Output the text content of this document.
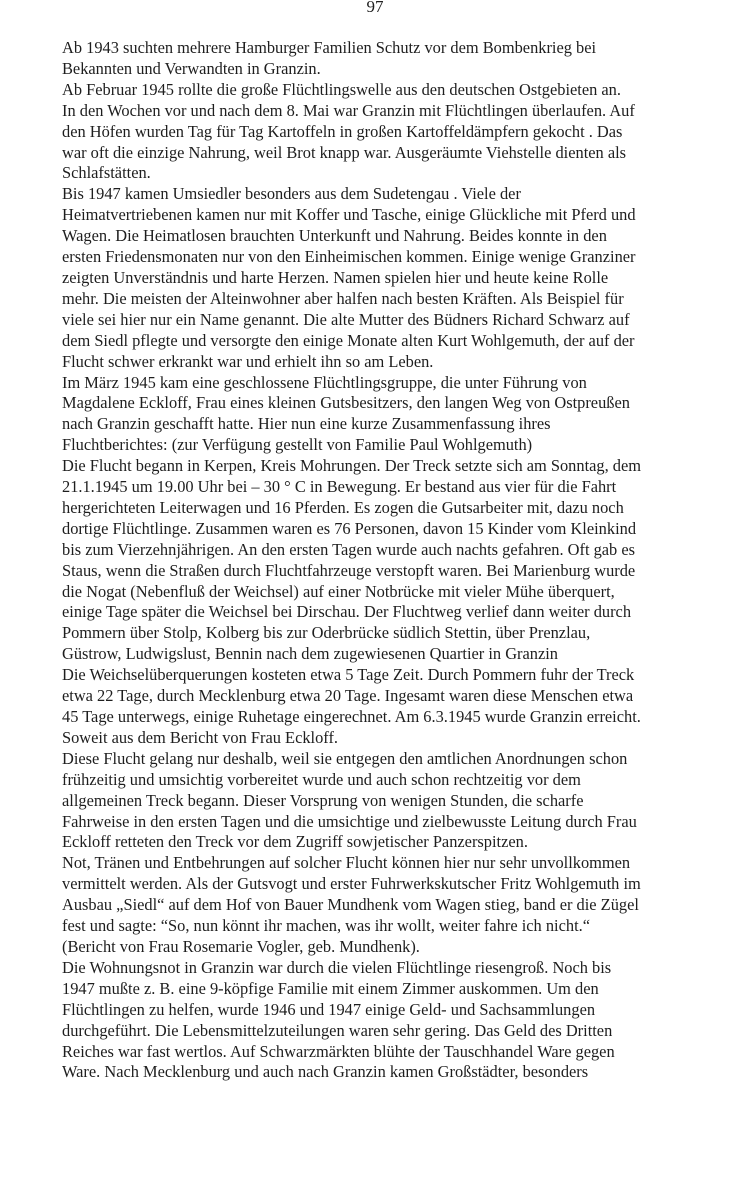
97
Ab 1943 suchten mehrere Hamburger Familien Schutz vor dem Bombenkrieg bei
Bekannten und Verwandten in Granzin.
Ab Februar 1945 rollte die große Flüchtlingswelle aus den deutschen Ostgebieten an.
In den Wochen vor und nach dem 8. Mai war Granzin mit Flüchtlingen überlaufen. Auf
den Höfen wurden Tag für Tag Kartoffeln in großen Kartoffeldämpfern gekocht . Das
war oft die einzige Nahrung, weil Brot knapp war. Ausgeräumte Viehstelle dienten als
Schlafstätten.
Bis 1947 kamen Umsiedler besonders aus dem Sudetengau . Viele der
Heimatvertriebenen kamen nur mit Koffer und Tasche, einige Glückliche mit Pferd und
Wagen. Die Heimatlosen brauchten Unterkunft und Nahrung. Beides konnte in den
ersten Friedensmonaten nur von den Einheimischen kommen. Einige wenige Granziner
zeigten Unverständnis und harte Herzen. Namen spielen hier und heute keine Rolle
mehr. Die meisten der Alteinwohner aber halfen nach besten Kräften. Als Beispiel für
viele sei hier nur ein Name genannt. Die alte Mutter des Büdners Richard Schwarz auf
dem Siedl pflegte und versorgte den einige Monate alten Kurt Wohlgemuth, der auf der
Flucht schwer erkrankt war und erhielt ihn so am Leben.
Im März 1945 kam eine geschlossene Flüchtlingsgruppe, die unter Führung von
Magdalene Eckloff, Frau eines kleinen Gutsbesitzers, den langen Weg von Ostpreußen
nach Granzin geschafft hatte. Hier nun eine kurze Zusammenfassung ihres
Fluchtberichtes: (zur Verfügung gestellt von Familie Paul Wohlgemuth)
Die Flucht begann in Kerpen, Kreis Mohrungen. Der Treck setzte sich am Sonntag, dem
21.1.1945 um 19.00 Uhr bei – 30 ° C in Bewegung. Er bestand aus vier für die Fahrt
hergerichteten Leiterwagen und 16 Pferden. Es zogen die Gutsarbeiter mit, dazu noch
dortige Flüchtlinge. Zusammen waren es 76 Personen, davon 15 Kinder vom Kleinkind
bis zum Vierzehnjährigen. An den ersten Tagen wurde auch nachts gefahren. Oft gab es
Staus, wenn die Straßen durch Fluchtfahrzeuge verstopft waren. Bei Marienburg wurde
die Nogat (Nebenfluß der Weichsel) auf einer Notbrücke mit vieler Mühe überquert,
einige Tage später die Weichsel bei Dirschau. Der Fluchtweg verlief dann weiter durch
Pommern über Stolp, Kolberg bis zur Oderbrücke südlich Stettin, über Prenzlau,
Güstrow, Ludwigslust, Bennin nach dem zugewiesenen Quartier in Granzin
Die Weichselüberquerungen kosteten etwa 5 Tage Zeit. Durch Pommern fuhr der Treck
etwa 22 Tage, durch Mecklenburg etwa 20 Tage. Ingesamt waren diese Menschen etwa
45 Tage unterwegs, einige Ruhetage eingerechnet. Am 6.3.1945 wurde Granzin erreicht.
Soweit aus dem Bericht von Frau Eckloff.
Diese Flucht gelang nur deshalb, weil sie entgegen den amtlichen Anordnungen schon
frühzeitig und umsichtig vorbereitet wurde und auch schon rechtzeitig vor dem
allgemeinen Treck begann. Dieser Vorsprung von wenigen Stunden, die scharfe
Fahrweise in den ersten Tagen und die umsichtige und zielbewusste Leitung durch Frau
Eckloff retteten den Treck vor dem Zugriff sowjetischer Panzerspitzen.
Not, Tränen und Entbehrungen auf solcher Flucht können hier nur sehr unvollkommen
vermittelt werden. Als der Gutsvogt und erster Fuhrwerkskutscher Fritz Wohlgemuth im
Ausbau „Siedl“ auf dem Hof von Bauer Mundhenk vom Wagen stieg, band er die Zügel
fest und sagte: “So, nun könnt ihr machen, was ihr wollt, weiter fahre ich nicht.“
(Bericht von Frau Rosemarie Vogler, geb. Mundhenk).
Die Wohnungsnot in Granzin war durch die vielen Flüchtlinge riesengroß. Noch bis
1947 mußte z. B. eine 9-köpfige Familie mit einem Zimmer auskommen. Um den
Flüchtlingen zu helfen, wurde 1946 und 1947 einige Geld- und Sachsammlungen
durchgeführt. Die Lebensmittelzuteilungen waren sehr gering. Das Geld des Dritten
Reiches war fast wertlos. Auf Schwarzmärkten blühte der Tauschhandel Ware gegen
Ware. Nach Mecklenburg und auch nach Granzin kamen Großstädter, besonders
